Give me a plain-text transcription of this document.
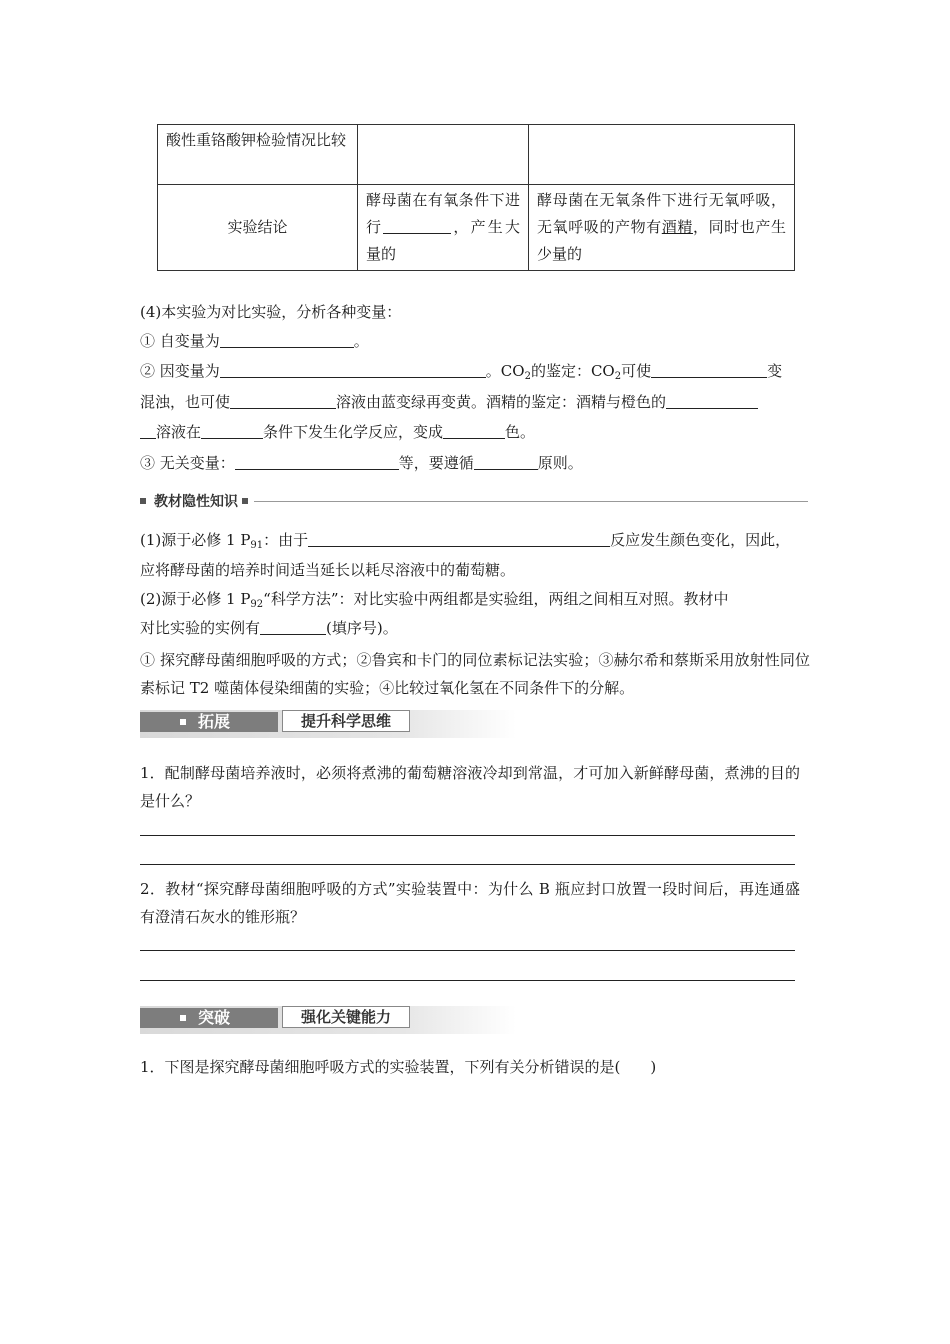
酸性重铬酸钾检验情况比较		
实验结论	酵母菌在有氧条件下进行 ，产生大量的	酵母菌在无氧条件下进行无氧呼吸，无氧呼吸的产物有酒精，同时也产生少量的
(4)本实验为对比实验，分析各种变量：
① 自变量为	。
② 因变量为	。$CO_2$的鉴定：$CO_2$可使	变
混浊，也可使	溶液由蓝变绿再变黄。酒精的鉴定：酒精与橙色的
溶液在	条件下发生化学反应，变成	色。
③ 无关变量：	等，要遵循	原则。
教材隐性知识
(1)源于必修 1 $P_{91}$：由于	反应发生颜色变化，因此，
应将酵母菌的培养时间适当延长以耗尽溶液中的葡萄糖。
(2)源于必修 1 $P_{92}“$科学方法”：对比实验中两组都是实验组，两组之间相互对照。教材中
对比实验的实例有	(填序号)。
① 探究酵母菌细胞呼吸的方式；②鲁宾和卡门的同位素标记法实验；③赫尔希和蔡斯采用放射性同位素标记 T2 噬菌体侵染细菌的实验；④比较过氧化氢在不同条件下的分解。
拓展	提升科学思维
1．配制酵母菌培养液时，必须将煮沸的葡萄糖溶液冷却到常温，才可加入新鲜酵母菌，煮沸的目的是什么？
2．教材“探究酵母菌细胞呼吸的方式”实验装置中：为什么 B 瓶应封口放置一段时间后，再连通盛有澄清石灰水的锥形瓶？
突破	强化关键能力
1．下图是探究酵母菌细胞呼吸方式的实验装置，下列有关分析错误的是(　　)
